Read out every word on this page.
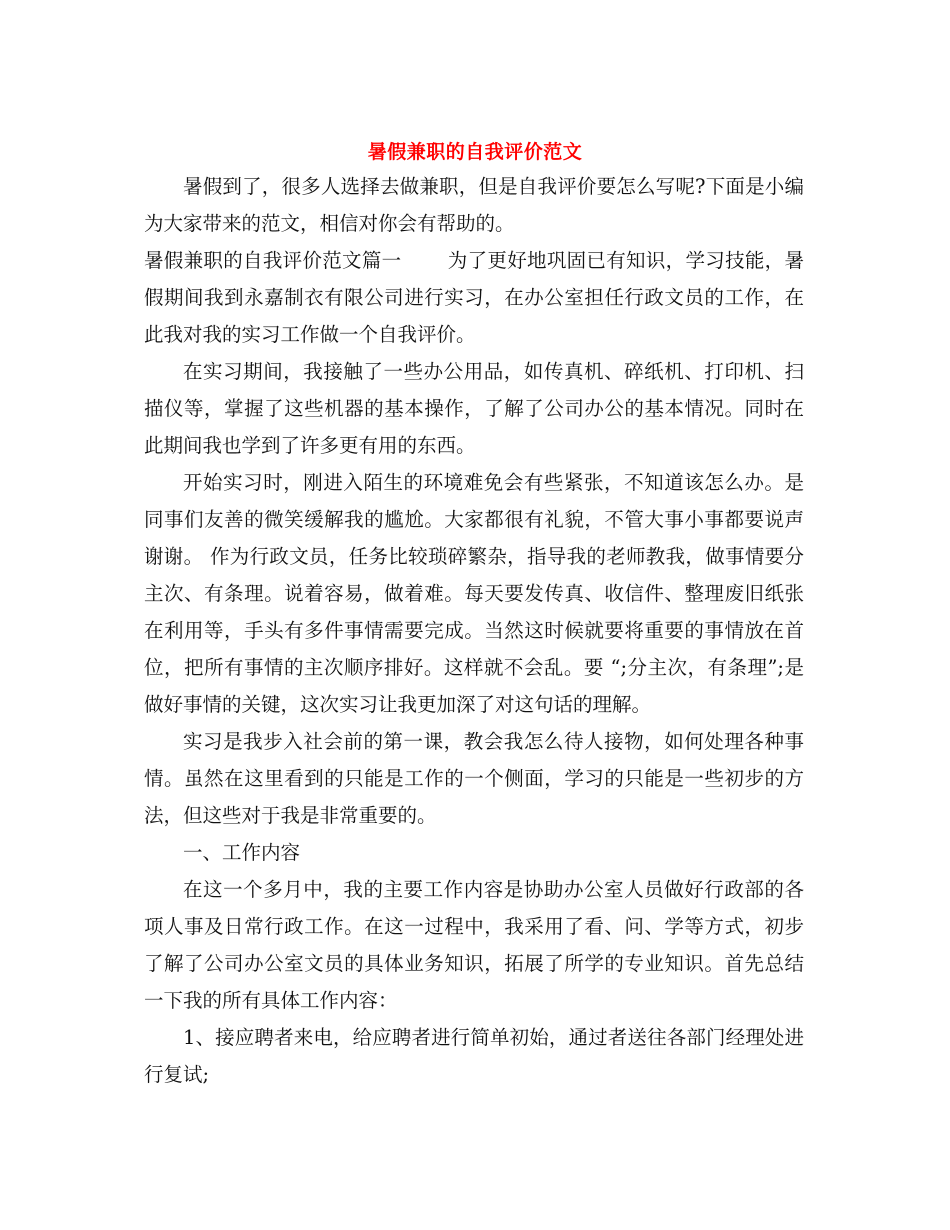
暑假兼职的自我评价范文

暑假到了，很多人选择去做兼职，但是自我评价要怎么写呢?下面是小编为大家带来的范文，相信对你会有帮助的。

暑假兼职的自我评价范文篇一 为了更好地巩固已有知识，学习技能，暑假期间我到永嘉制衣有限公司进行实习，在办公室担任行政文员的工作，在此我对我的实习工作做一个自我评价。

在实习期间，我接触了一些办公用品，如传真机、碎纸机、打印机、扫描仪等，掌握了这些机器的基本操作，了解了公司办公的基本情况。同时在此期间我也学到了许多更有用的东西。

开始实习时，刚进入陌生的环境难免会有些紧张，不知道该怎么办。是同事们友善的微笑缓解我的尴尬。大家都很有礼貌，不管大事小事都要说声谢谢。 作为行政文员，任务比较琐碎繁杂，指导我的老师教我，做事情要分主次、有条理。说着容易，做着难。每天要发传真、收信件、整理废旧纸张在利用等，手头有多件事情需要完成。当然这时候就要将重要的事情放在首位，把所有事情的主次顺序排好。这样就不会乱。要 “;分主次，有条理”;是做好事情的关键，这次实习让我更加深了对这句话的理解。

实习是我步入社会前的第一课，教会我怎么待人接物，如何处理各种事情。虽然在这里看到的只能是工作的一个侧面，学习的只能是一些初步的方法，但这些对于我是非常重要的。

一、工作内容

在这一个多月中，我的主要工作内容是协助办公室人员做好行政部的各项人事及日常行政工作。在这一过程中，我采用了看、问、学等方式，初步了解了公司办公室文员的具体业务知识，拓展了所学的专业知识。首先总结一下我的所有具体工作内容：

1、接应聘者来电，给应聘者进行简单初始，通过者送往各部门经理处进行复试;
